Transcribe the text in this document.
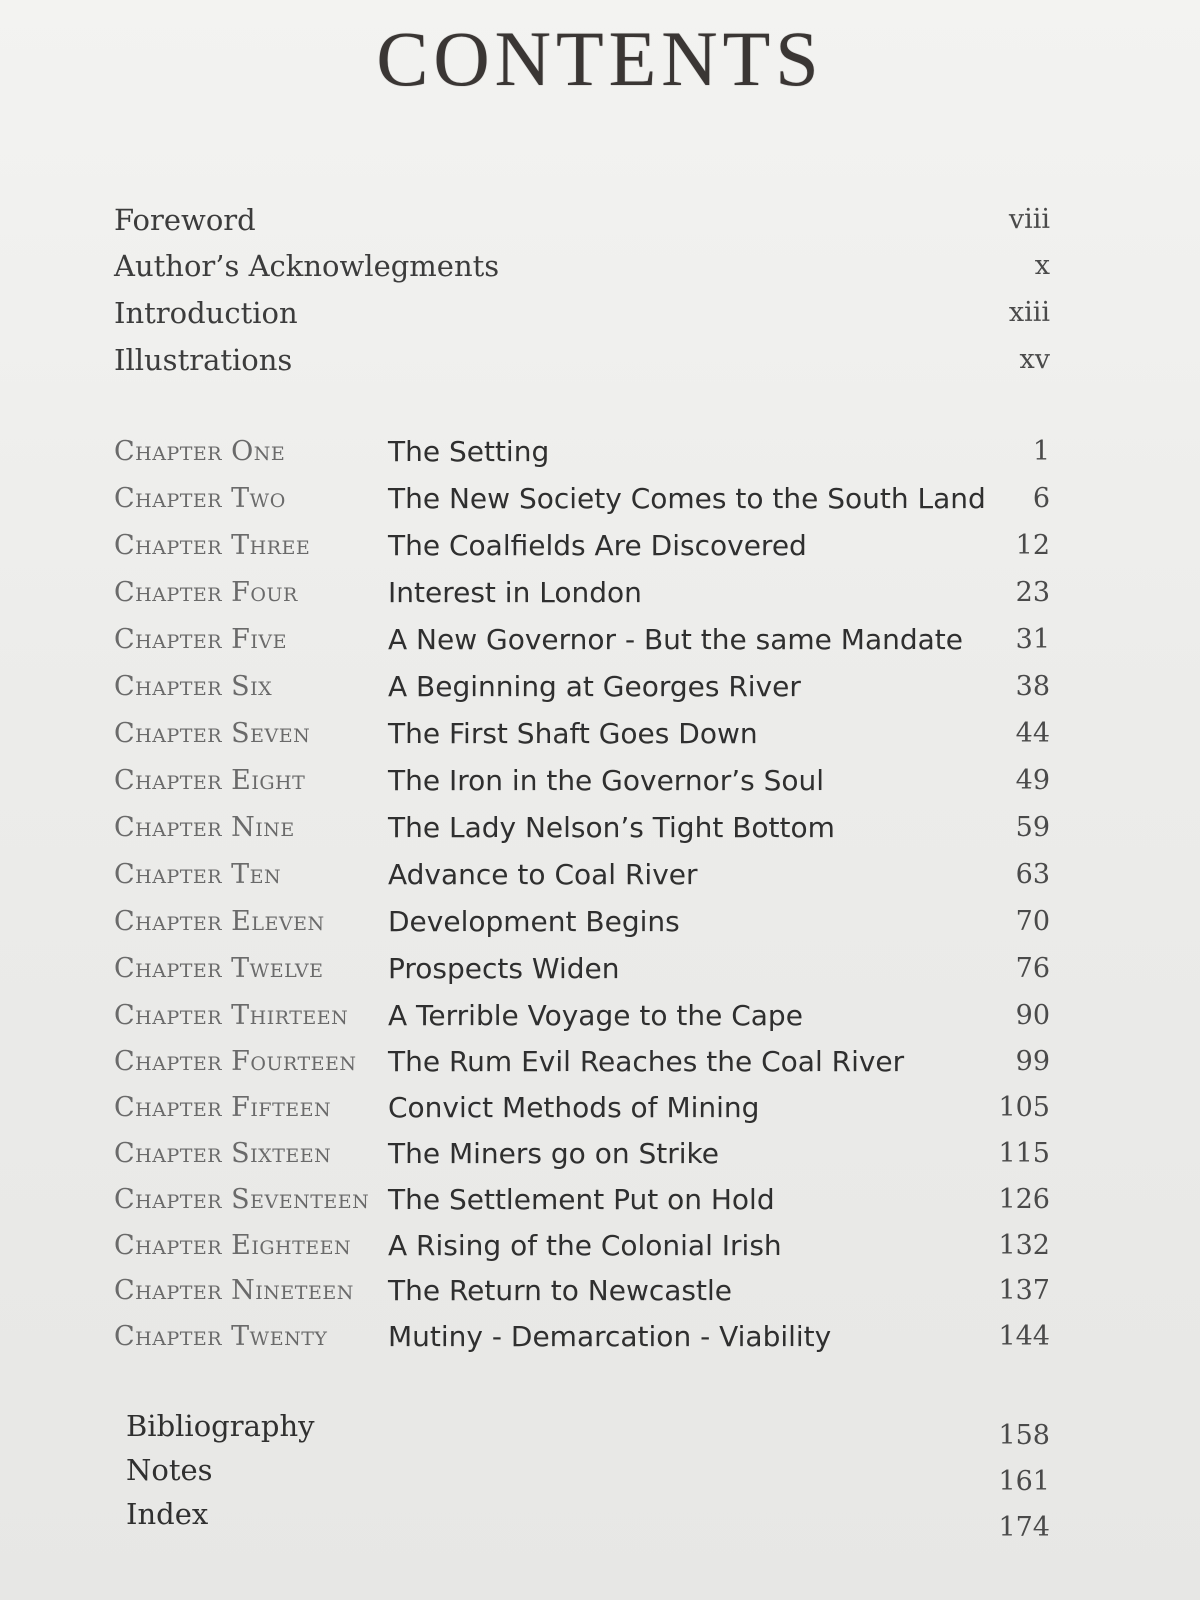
CONTENTS
Foreword	viii
Author’s Acknowlegments	x
Introduction	xiii
Illustrations	xv
Chapter One	The Setting	1
Chapter Two	The New Society Comes to the South Land 6
Chapter Three	The Coalfields Are Discovered	12
Chapter Four	Interest in London	23
Chapter Five	A New Governor - But the same Mandate 31
Chapter Six	A Beginning at Georges River	38
Chapter Seven	The First Shaft Goes Down	44
Chapter Eight	The Iron in the Governor’s Soul	49
Chapter Nine	The Lady Nelson’s Tight Bottom	59
Chapter Ten	Advance to Coal River	63
Chapter Eleven Development Begins	70
Chapter Twelve Prospects Widen	76
Chapter Thirteen A Terrible Voyage to the Cape	90
Chapter Fourteen The Rum Evil Reaches the Coal River	99
Chapter Fifteen Convict Methods of Mining	105
Chapter Sixteen The Miners go on Strike	115
Chapter Seventeen The Settlement Put on Hold	126
Chapter Eighteen A Rising of the Colonial Irish	132
Chapter Nineteen The Return to Newcastle	137
Chapter Twenty Mutiny - Demarcation - Viability	144
Bibliography	158
Notes	161
Index	174
